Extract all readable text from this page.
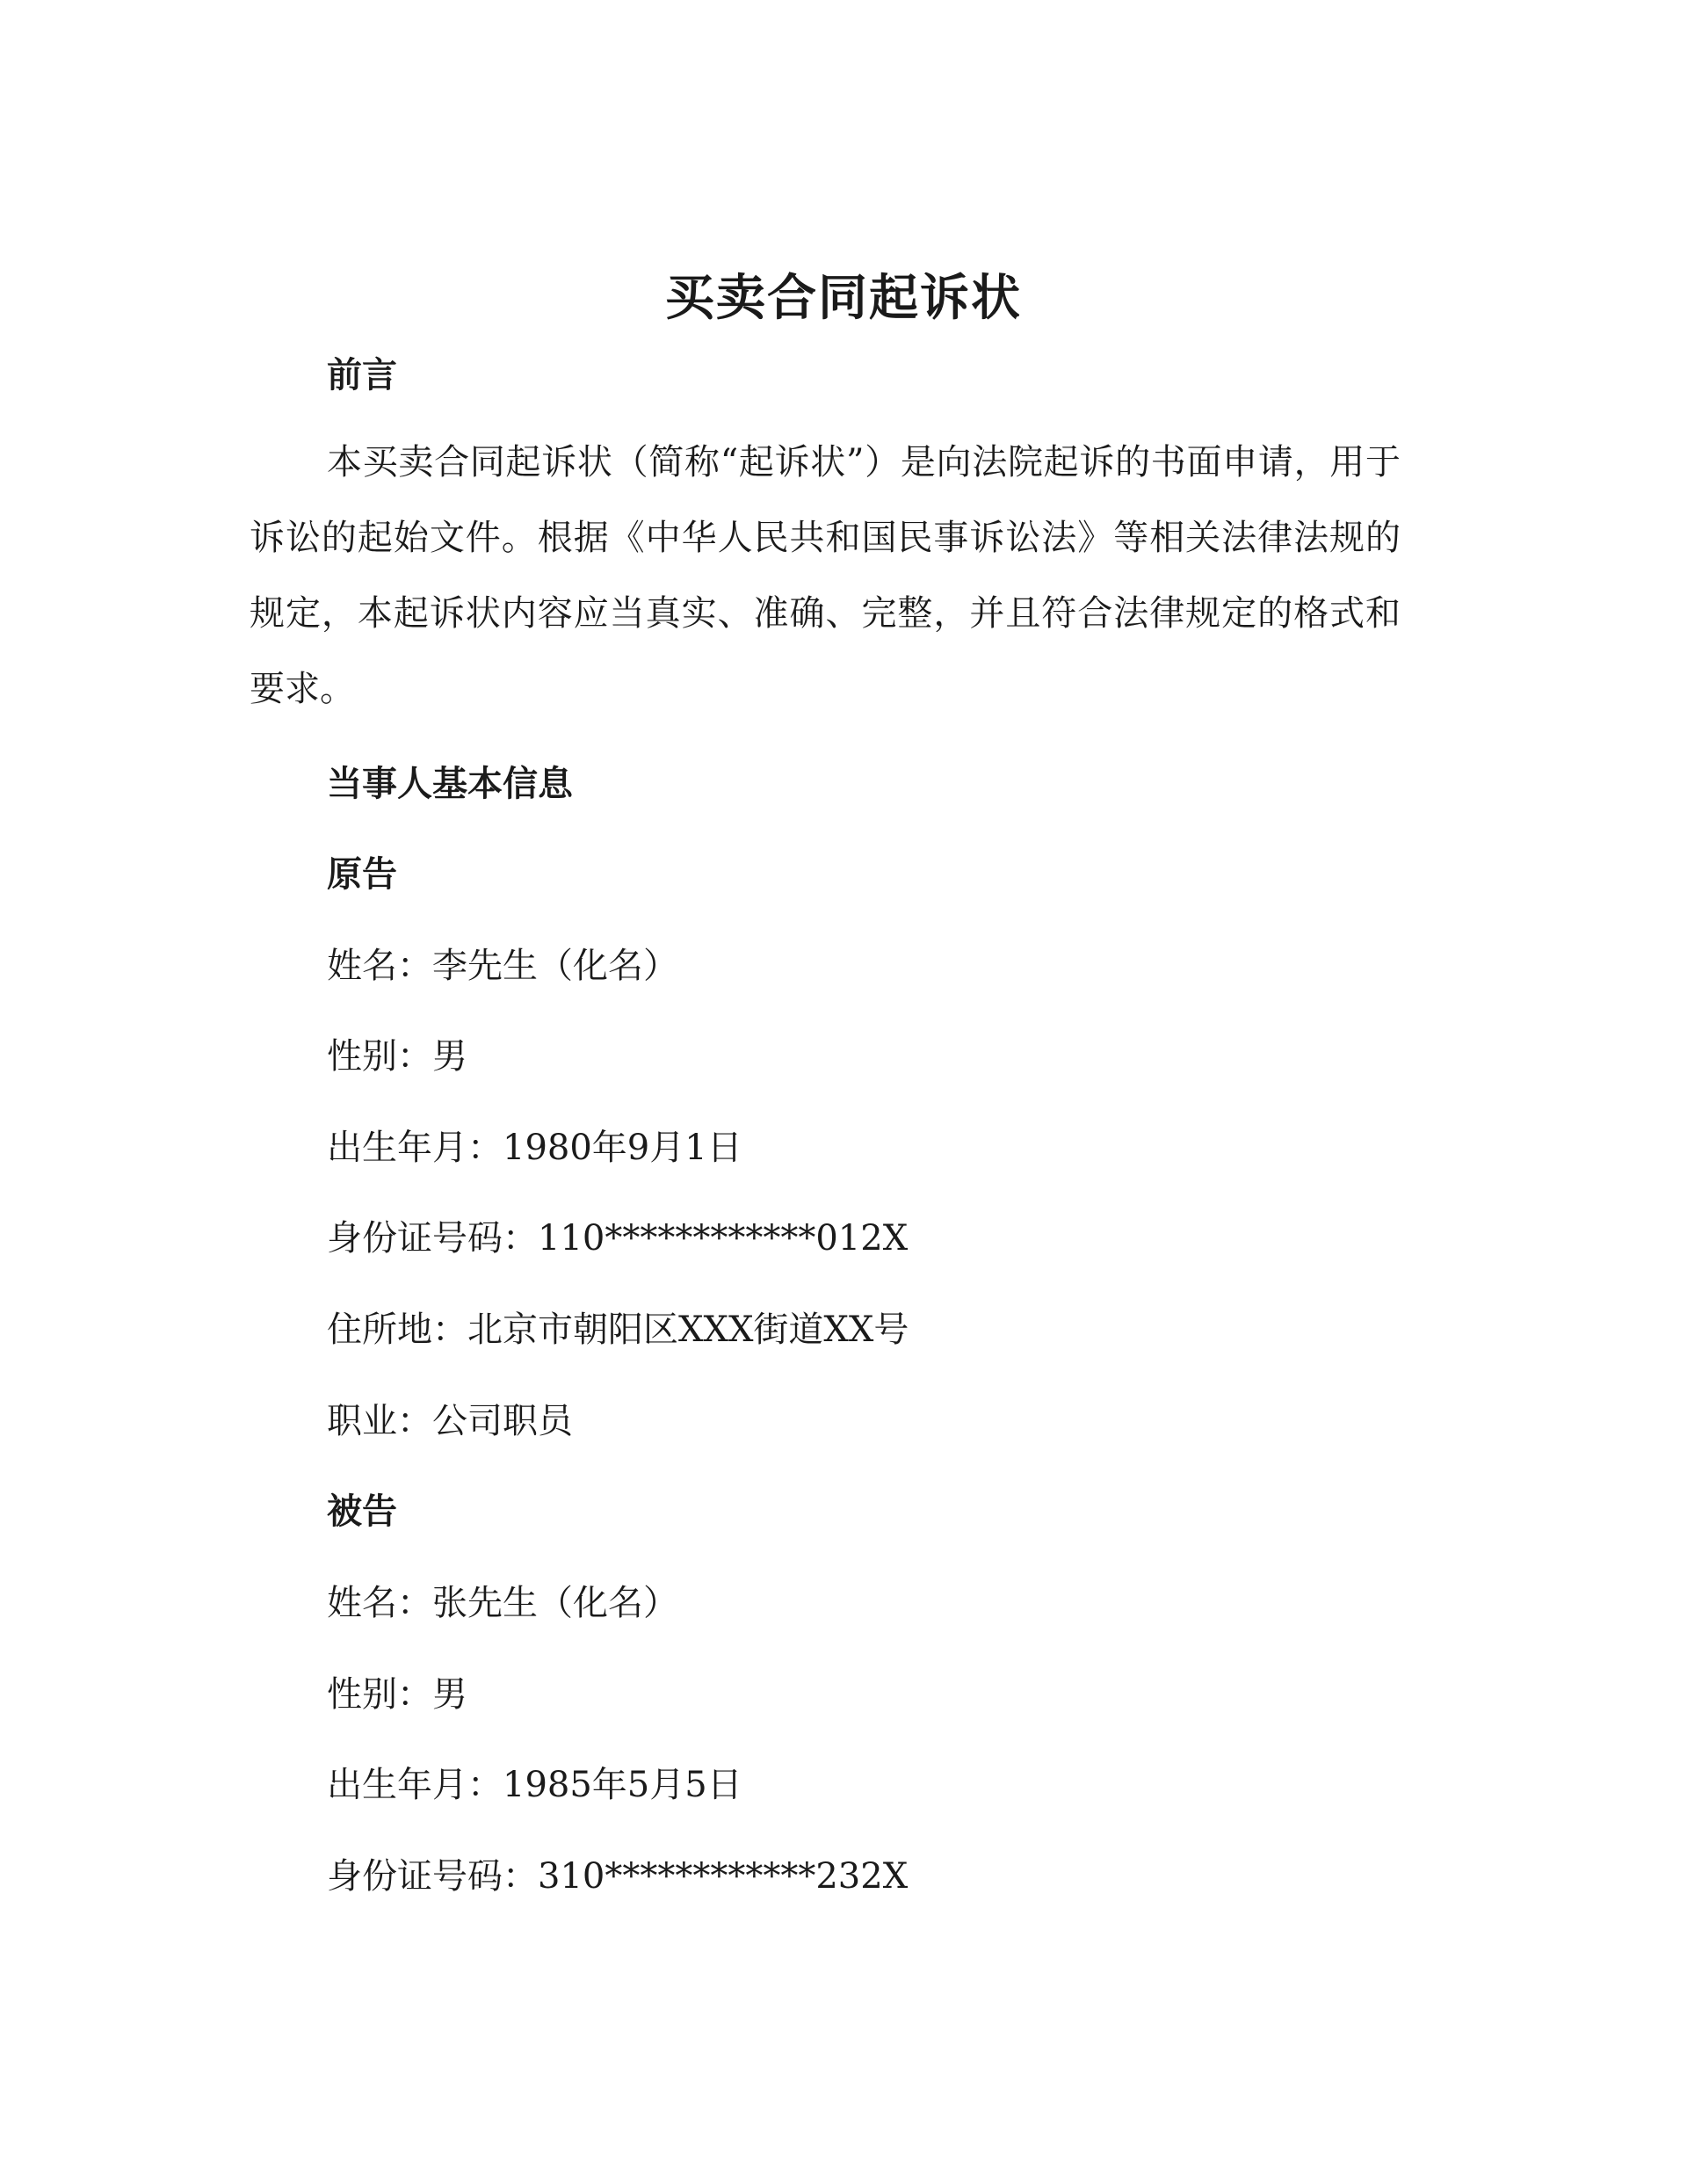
买卖合同起诉状
前言

本买卖合同起诉状（简称“起诉状”）是向法院起诉的书面申请，用于诉讼的起始文件。根据《中华人民共和国民事诉讼法》等相关法律法规的规定，本起诉状内容应当真实、准确、完整，并且符合法律规定的格式和要求。

当事人基本信息
原告

姓名：李先生（化名）

性别：男

出生年月：1980年9月1日

身份证号码：110************012X

住所地：北京市朝阳区XXX街道XX号

职业：公司职员

被告

姓名：张先生（化名）

性别：男

出生年月：1985年5月5日

身份证号码：310************232X
